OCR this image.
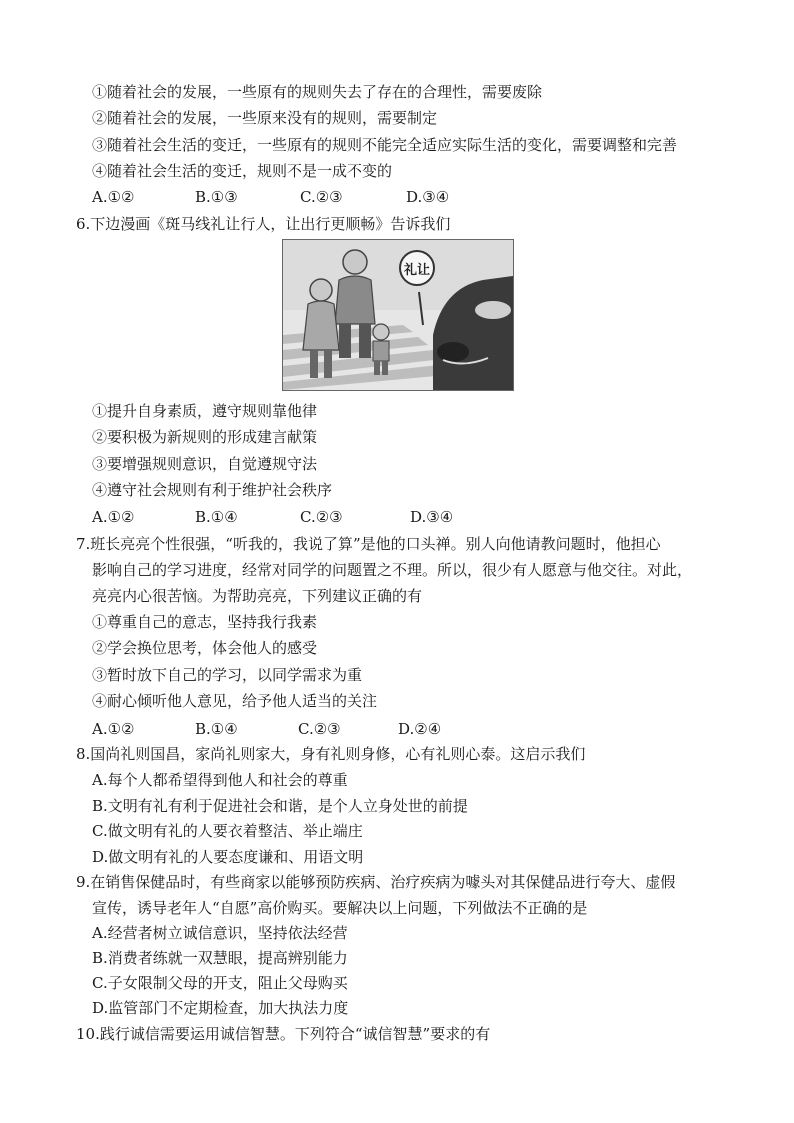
①随着社会的发展，一些原有的规则失去了存在的合理性，需要废除
②随着社会的发展，一些原来没有的规则，需要制定
③随着社会生活的变迁，一些原有的规则不能完全适应实际生活的变化，需要调整和完善
④随着社会生活的变迁，规则不是一成不变的
A.①②	B.①③	C.②③	D.③④
6.下边漫画《斑马线礼让行人，让出行更顺畅》告诉我们
礼让
①提升自身素质，遵守规则靠他律
②要积极为新规则的形成建言献策
③要增强规则意识，自觉遵规守法
④遵守社会规则有利于维护社会秩序
A.①②	B.①④	C.②③	D.③④
7.班长亮亮个性很强，“听我的，我说了算”是他的口头禅。别人向他请教问题时，他担心
影响自己的学习进度，经常对同学的问题置之不理。所以，很少有人愿意与他交往。对此，
亮亮内心很苦恼。为帮助亮亮，下列建议正确的有
①尊重自己的意志，坚持我行我素
②学会换位思考，体会他人的感受
③暂时放下自己的学习，以同学需求为重
④耐心倾听他人意见，给予他人适当的关注
A.①②	B.①④	C.②③	D.②④
8.国尚礼则国昌，家尚礼则家大，身有礼则身修，心有礼则心泰。这启示我们
A.每个人都希望得到他人和社会的尊重
B.文明有礼有利于促进社会和谐，是个人立身处世的前提
C.做文明有礼的人要衣着整洁、举止端庄
D.做文明有礼的人要态度谦和、用语文明
9.在销售保健品时，有些商家以能够预防疾病、治疗疾病为噱头对其保健品进行夸大、虚假
宣传，诱导老年人“自愿”高价购买。要解决以上问题，下列做法不正确的是
A.经营者树立诚信意识，坚持依法经营
B.消费者练就一双慧眼，提高辨别能力
C.子女限制父母的开支，阻止父母购买
D.监管部门不定期检查，加大执法力度
10.践行诚信需要运用诚信智慧。下列符合“诚信智慧”要求的有
